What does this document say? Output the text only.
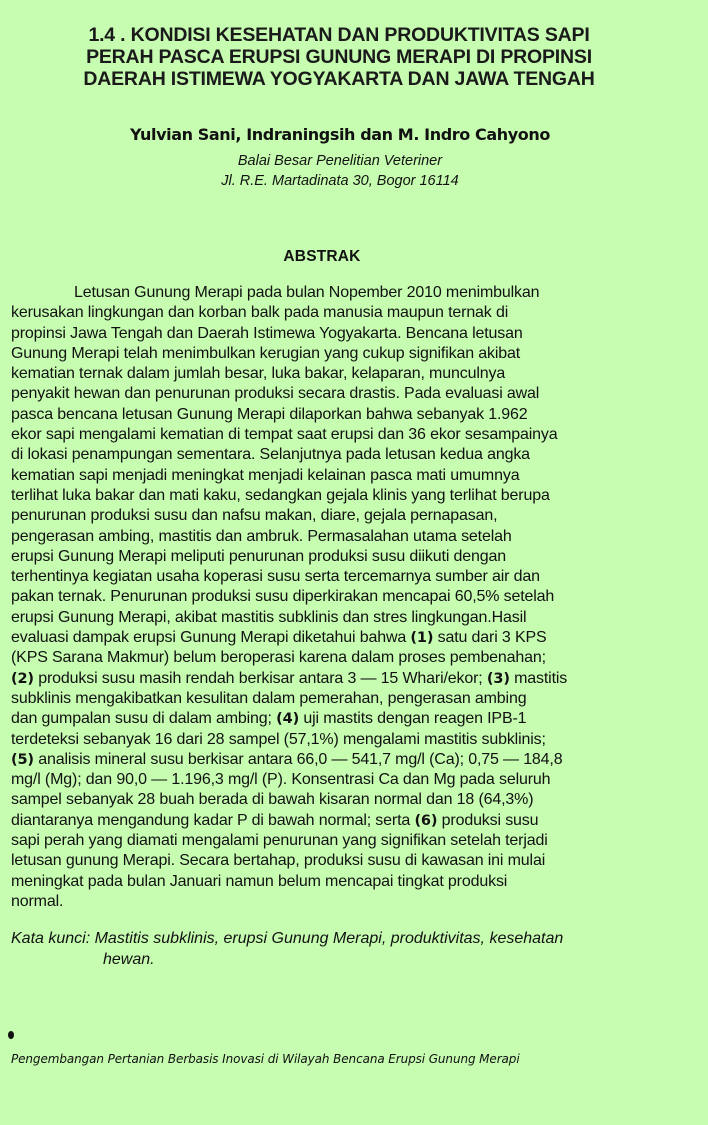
1.4 . KONDISI KESEHATAN DAN PRODUKTIVITAS SAPI
PERAH PASCA ERUPSI GUNUNG MERAPI DI PROPINSI
DAERAH ISTIMEWA YOGYAKARTA DAN JAWA TENGAH
Yulvian Sani, Indraningsih dan M. Indro Cahyono
Balai Besar Penelitian Veteriner
Jl. R.E. Martadinata 30, Bogor 16114
ABSTRAK
Letusan Gunung Merapi pada bulan Nopember 2010 menimbulkan
kerusakan lingkungan dan korban balk pada manusia maupun ternak di
propinsi Jawa Tengah dan Daerah Istimewa Yogyakarta. Bencana letusan
Gunung Merapi telah menimbulkan kerugian yang cukup signifikan akibat
kematian ternak dalam jumlah besar, luka bakar, kelaparan, munculnya
penyakit hewan dan penurunan produksi secara drastis. Pada evaluasi awal
pasca bencana letusan Gunung Merapi dilaporkan bahwa sebanyak 1.962
ekor sapi mengalami kematian di tempat saat erupsi dan 36 ekor sesampainya
di lokasi penampungan sementara. Selanjutnya pada letusan kedua angka
kematian sapi menjadi meningkat menjadi kelainan pasca mati umumnya
terlihat luka bakar dan mati kaku, sedangkan gejala klinis yang terlihat berupa
penurunan produksi susu dan nafsu makan, diare, gejala pernapasan,
pengerasan ambing, mastitis dan ambruk. Permasalahan utama setelah
erupsi Gunung Merapi meliputi penurunan produksi susu diikuti dengan
terhentinya kegiatan usaha koperasi susu serta tercemarnya sumber air dan
pakan ternak. Penurunan produksi susu diperkirakan mencapai 60,5% setelah
erupsi Gunung Merapi, akibat mastitis subklinis dan stres lingkungan.Hasil
evaluasi dampak erupsi Gunung Merapi diketahui bahwa (1) satu dari 3 KPS
(KPS Sarana Makmur) belum beroperasi karena dalam proses pembenahan;
(2) produksi susu masih rendah berkisar antara 3 — 15 Whari/ekor; (3) mastitis
subklinis mengakibatkan kesulitan dalam pemerahan, pengerasan ambing
dan gumpalan susu di dalam ambing; (4) uji mastits dengan reagen IPB-1
terdeteksi sebanyak 16 dari 28 sampel (57,1%) mengalami mastitis subklinis;
(5) analisis mineral susu berkisar antara 66,0 — 541,7 mg/l (Ca); 0,75 — 184,8
mg/l (Mg); dan 90,0 — 1.196,3 mg/l (P). Konsentrasi Ca dan Mg pada seluruh
sampel sebanyak 28 buah berada di bawah kisaran normal dan 18 (64,3%)
diantaranya mengandung kadar P di bawah normal; serta (6) produksi susu
sapi perah yang diamati mengalami penurunan yang signifikan setelah terjadi
letusan gunung Merapi. Secara bertahap, produksi susu di kawasan ini mulai
meningkat pada bulan Januari namun belum mencapai tingkat produksi
normal.
Kata kunci: Mastitis subklinis, erupsi Gunung Merapi, produktivitas, kesehatan
hewan.
Pengembangan Pertanian Berbasis Inovasi di Wilayah Bencana Erupsi Gunung Merapi
